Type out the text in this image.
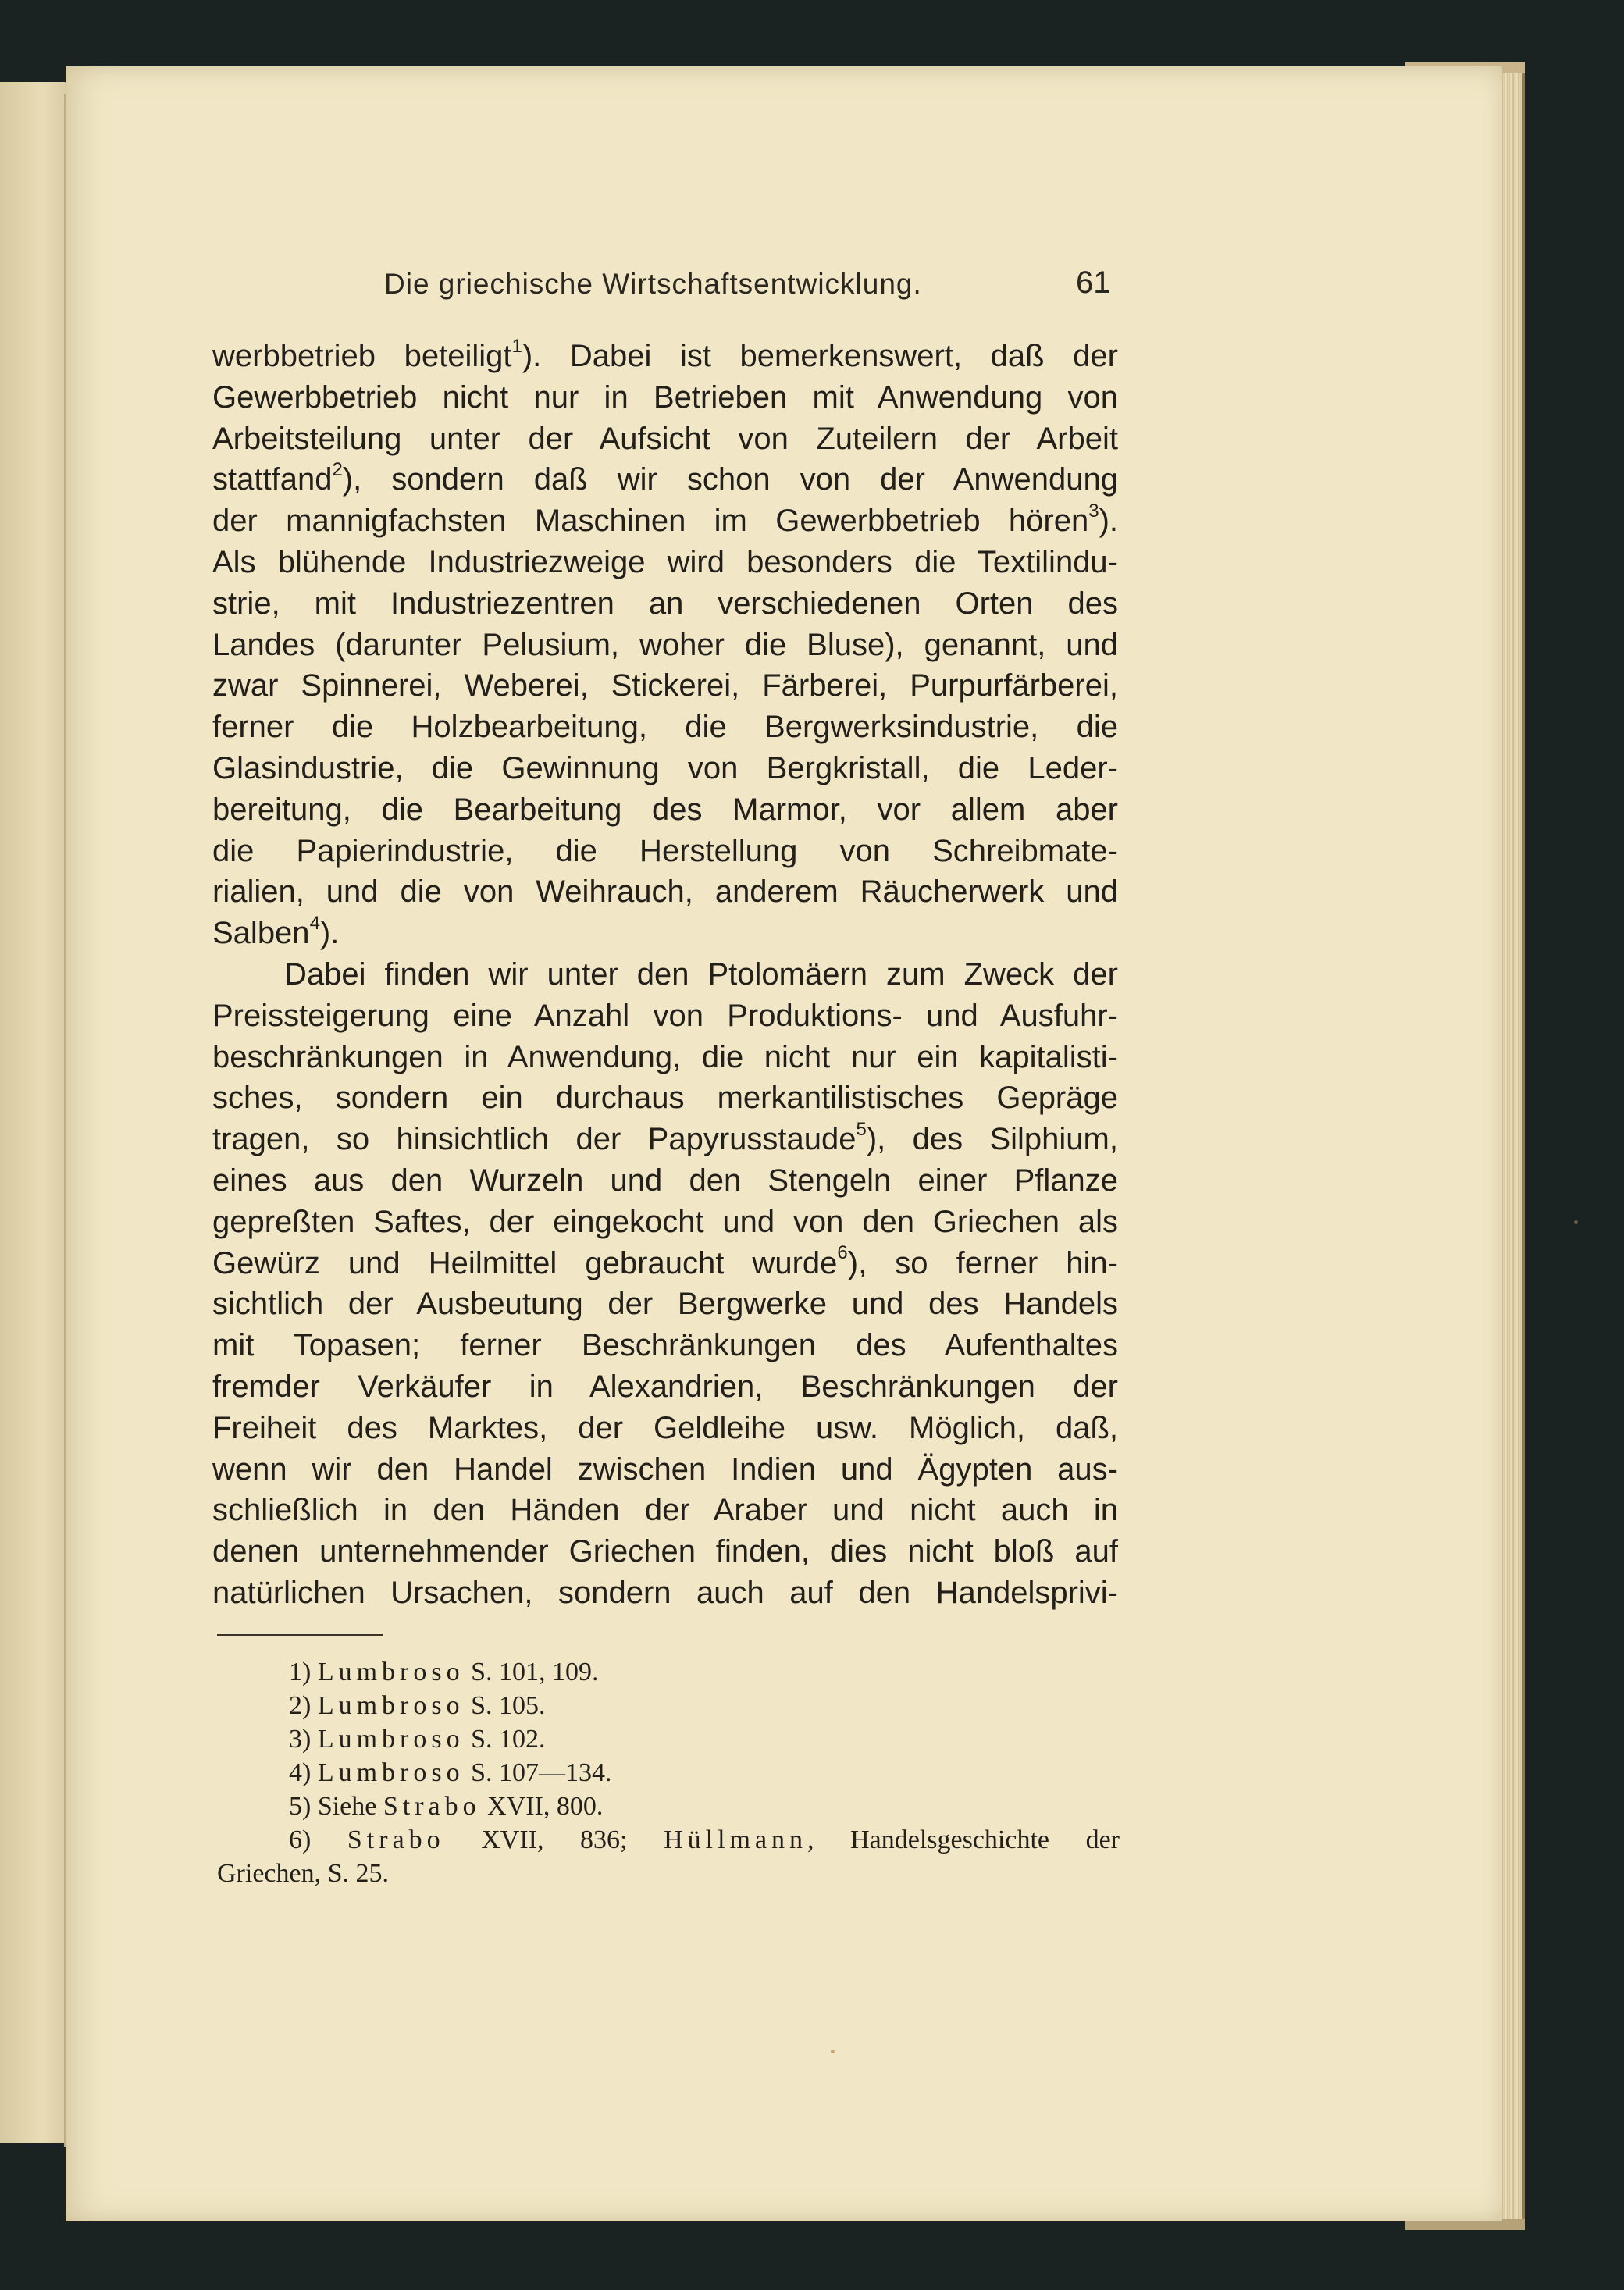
Die griechische Wirtschaftsentwicklung.	61
werbbetrieb beteiligt$^1$). Dabei ist bemerkenswert, daß der
Gewerbbetrieb nicht nur in Betrieben mit Anwendung von
Arbeitsteilung unter der Aufsicht von Zuteilern der Arbeit
stattfand$^2$), sondern daß wir schon von der Anwendung
der mannigfachsten Maschinen im Gewerbbetrieb hören$^3$).
Als blühende Industriezweige wird besonders die Textilindu-
strie, mit Industriezentren an verschiedenen Orten des
Landes (darunter Pelusium, woher die Bluse), genannt, und
zwar Spinnerei, Weberei, Stickerei, Färberei, Purpurfärberei,
ferner die Holzbearbeitung, die Bergwerksindustrie, die
Glasindustrie, die Gewinnung von Bergkristall, die Leder-
bereitung, die Bearbeitung des Marmor, vor allem aber
die Papierindustrie, die Herstellung von Schreibmate-
rialien, und die von Weihrauch, anderem Räucherwerk und
Salben$^4$).
Dabei finden wir unter den Ptolomäern zum Zweck der
Preissteigerung eine Anzahl von Produktions- und Ausfuhr-
beschränkungen in Anwendung, die nicht nur ein kapitalisti-
sches, sondern ein durchaus merkantilistisches Gepräge
tragen, so hinsichtlich der Papyrusstaude$^5$), des Silphium,
eines aus den Wurzeln und den Stengeln einer Pflanze
gepreßten Saftes, der eingekocht und von den Griechen als
Gewürz und Heilmittel gebraucht wurde$^6$), so ferner hin-
sichtlich der Ausbeutung der Bergwerke und des Handels
mit Topasen; ferner Beschränkungen des Aufenthaltes
fremder Verkäufer in Alexandrien, Beschränkungen der
Freiheit des Marktes, der Geldleihe usw. Möglich, daß,
wenn wir den Handel zwischen Indien und Ägypten aus-
schließlich in den Händen der Araber und nicht auch in
denen unternehmender Griechen finden, dies nicht bloß auf
natürlichen Ursachen, sondern auch auf den Handelsprivi-
1) Lumbroso S. 101, 109.
2) Lumbroso S. 105.
3) Lumbroso S. 102.
4) Lumbroso S. 107—134.
5) Siehe Strabo XVII, 800.
6) Strabo XVII, 836; Hüllmann, Handelsgeschichte der
Griechen, S. 25.
